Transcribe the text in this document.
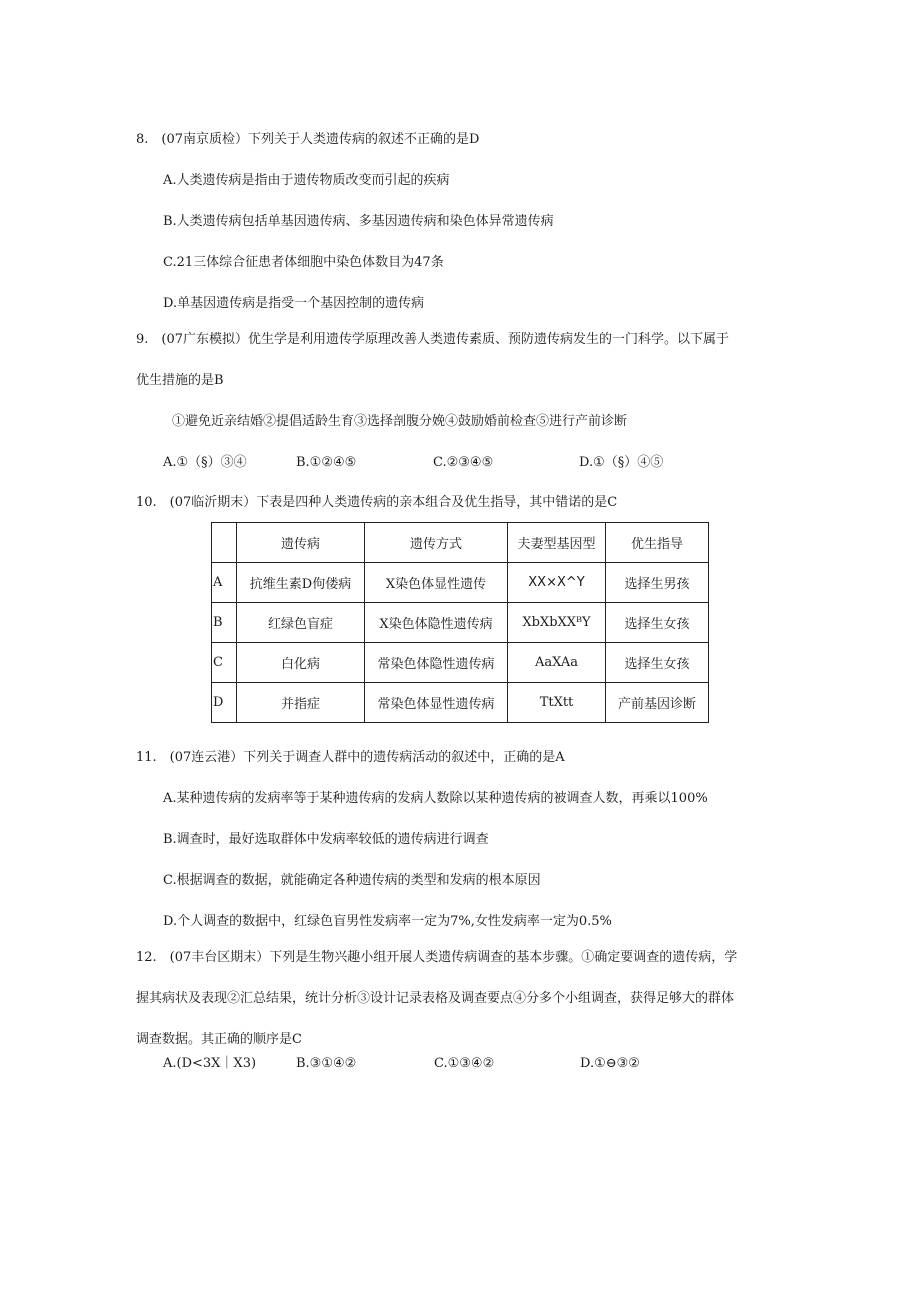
8.　(07南京质检）下列关于人类遗传病的叙述不正确的是D
A.人类遗传病是指由于遗传物质改变而引起的疾病
B.人类遗传病包括单基因遗传病、多基因遗传病和染色体异常遗传病
C.21三体综合征患者体细胞中染色体数目为47条
D.单基因遗传病是指受一个基因控制的遗传病
9.　(07广东模拟）优生学是利用遗传学原理改善人类遗传素质、预防遗传病发生的一门科学。以下属于
优生措施的是B
①避免近亲结婚②提倡适龄生育③选择剖腹分娩④鼓励婚前检查⑤进行产前诊断
A.①（§）③④	B.①②④⑤	C.②③④⑤	D.①（§）④⑤
10.　(07临沂期末）下表是四种人类遗传病的亲本组合及优生指导，其中错诺的是C
	遗传病	遗传方式	夫妻型基因型	优生指导
A	抗维生素D佝偻病	X染色体显性遗传	XX×X^Y	选择生男孩
B	红绿色盲症	X染色体隐性遗传病	XbXbXXᴮY	选择生女孩
C	白化病	常染色体隐性遗传病	AaXAa	选择生女孩
D	并指症	常染色体显性遗传病	TtXtt	产前基因诊断
11.　(07连云港）下列关于调查人群中的遗传病活动的叙述中，正确的是A
A.某种遗传病的发病率等于某种遗传病的发病人数除以某种遗传病的被调查人数，再乘以100%
B.调查时，最好选取群体中发病率较低的遗传病进行调查
C.根据调查的数据，就能确定各种遗传病的类型和发病的根本原因
D.个人调查的数据中，红绿色盲男性发病率一定为7%,女性发病率一定为0.5%
12.　(07丰台区期末）下列是生物兴趣小组开展人类遗传病调查的基本步骤。①确定要调查的遗传病，学
握其病状及表现②汇总结果，统计分析③设计记录表格及调查要点④分多个小组调查，获得足够大的群体
调查数据。其正确的顺序是C
A.(D<3X｜X3)	B.③①④②	C.①③④②	D.①⊖③②
